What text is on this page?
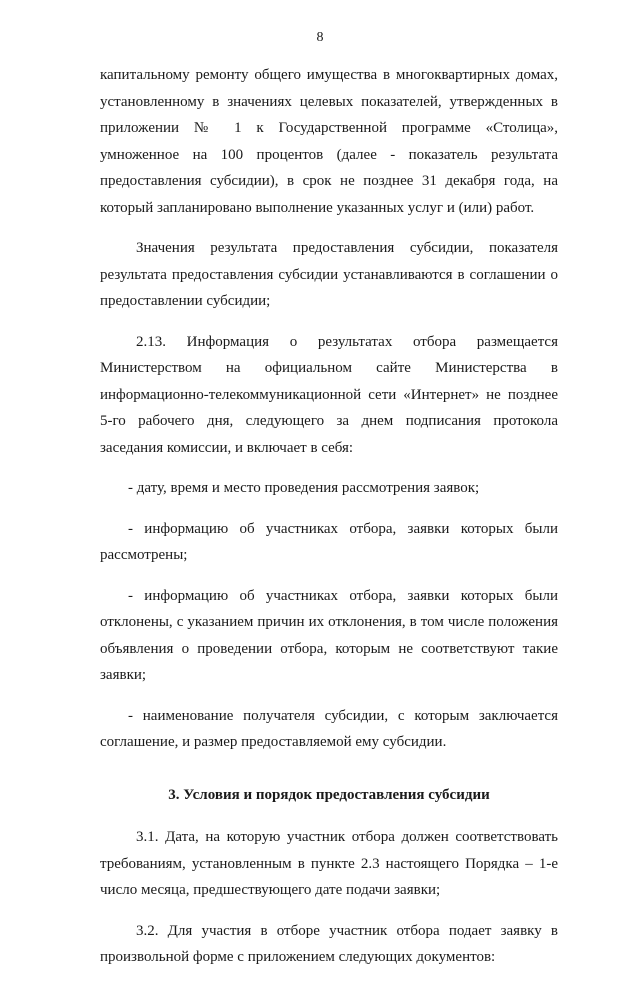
8

капитальному ремонту общего имущества в многоквартирных домах, установленному в значениях целевых показателей, утвержденных в приложении № 1 к Государственной программе «Столица», умноженное на 100 процентов (далее - показатель результата предоставления субсидии), в срок не позднее 31 декабря года, на который запланировано выполнение указанных услуг и (или) работ.

Значения результата предоставления субсидии, показателя результата предоставления субсидии устанавливаются в соглашении о предоставлении субсидии;

2.13. Информация о результатах отбора размещается Министерством на официальном сайте Министерства в информационно-телекоммуникационной сети «Интернет» не позднее 5-го рабочего дня, следующего за днем подписания протокола заседания комиссии, и включает в себя:

- дату, время и место проведения рассмотрения заявок;

- информацию об участниках отбора, заявки которых были рассмотрены;

- информацию об участниках отбора, заявки которых были отклонены, с указанием причин их отклонения, в том числе положения объявления о проведении отбора, которым не соответствуют такие заявки;

- наименование получателя субсидии, с которым заключается соглашение, и размер предоставляемой ему субсидии.

3. Условия и порядок предоставления субсидии

3.1. Дата, на которую участник отбора должен соответствовать требованиям, установленным в пункте 2.3 настоящего Порядка – 1-е число месяца, предшествующего дате подачи заявки;

3.2. Для участия в отборе участник отбора подает заявку в произвольной форме с приложением следующих документов:
